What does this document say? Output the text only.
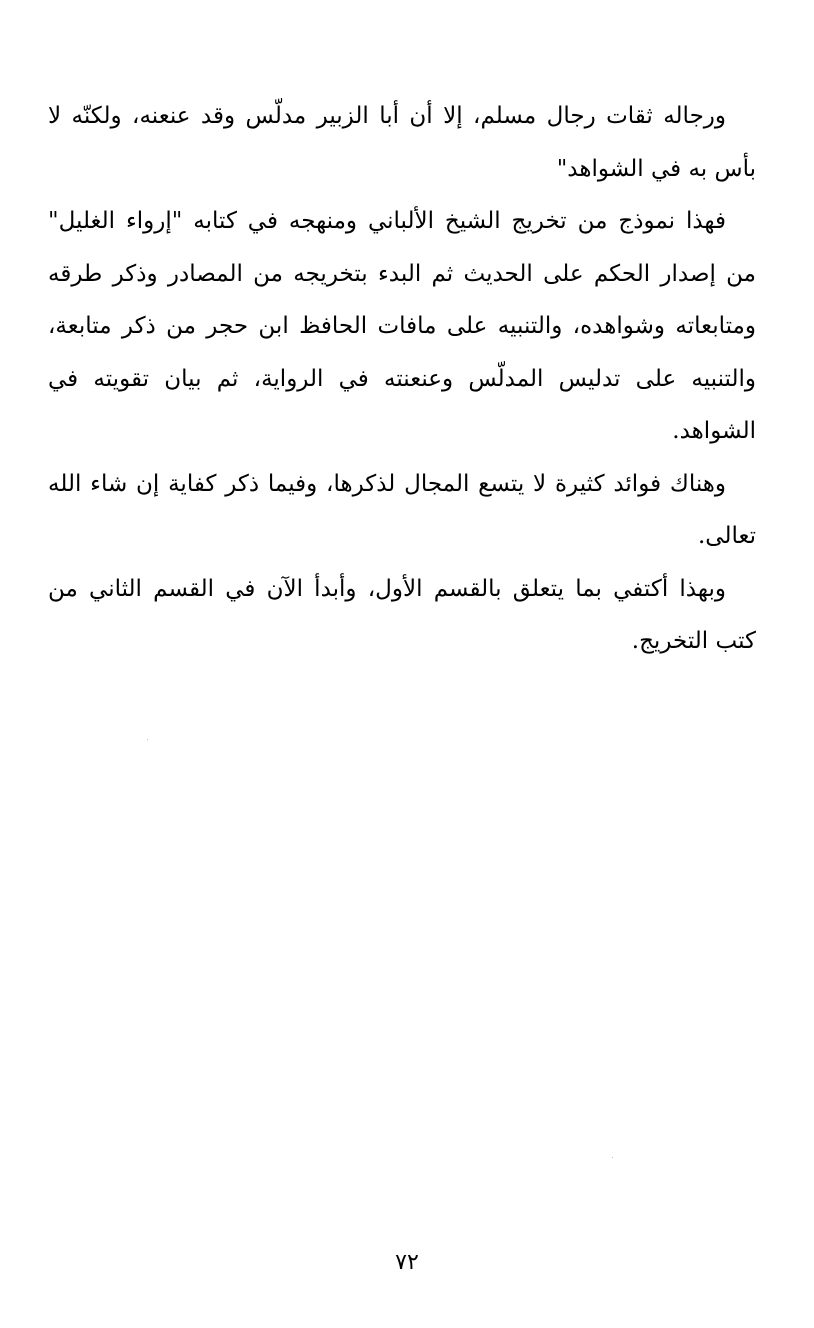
ورجاله ثقات رجال مسلم، إلا أن أبا الزبير مدلّس وقد عنعنه، ولكنّه لا بأس به في الشواهد"

فهذا نموذج من تخريج الشيخ الألباني ومنهجه في كتابه "إرواء الغليل" من إصدار الحكم على الحديث ثم البدء بتخريجه من المصادر وذكر طرقه ومتابعاته وشواهده، والتنبيه على مافات الحافظ ابن حجر من ذكر متابعة، والتنبيه على تدليس المدلّس وعنعنته في الرواية، ثم بيان تقويته في الشواهد.

وهناك فوائد كثيرة لا يتسع المجال لذكرها، وفيما ذكر كفاية إن شاء الله تعالى.

وبهذا أكتفي بما يتعلق بالقسم الأول، وأبدأ الآن في القسم الثاني من كتب التخريج.

٧٢
